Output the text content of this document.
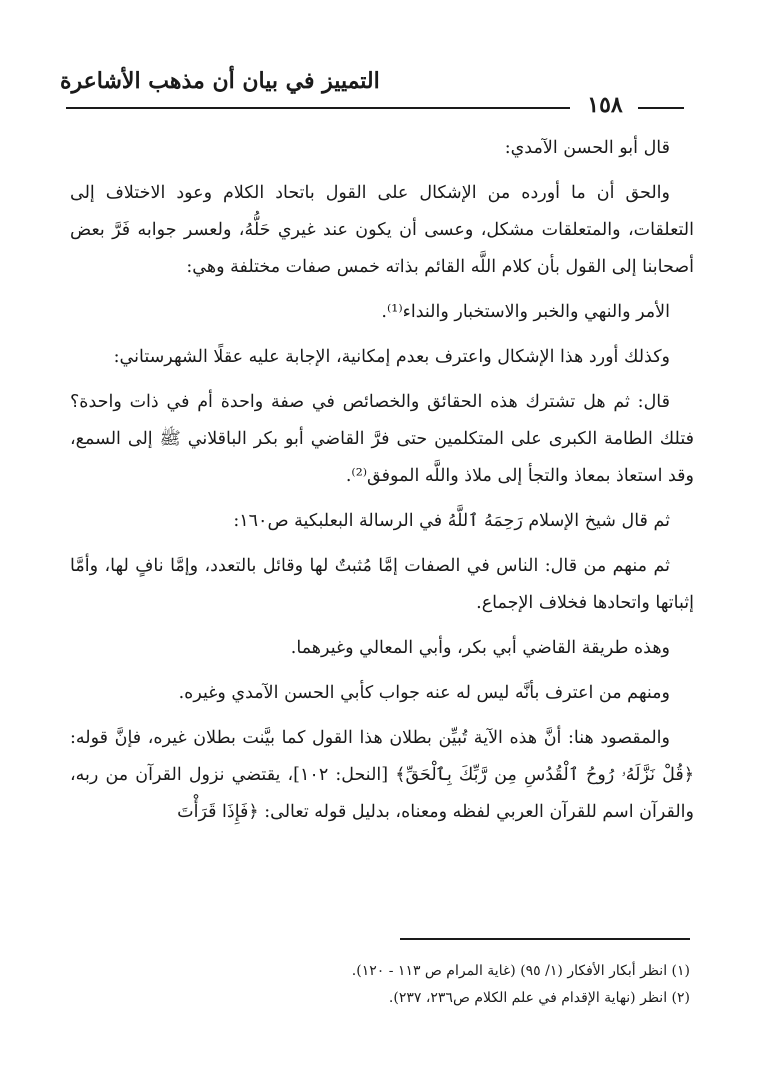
التمييز في بيان أن مذهب الأشاعرة
١٥٨

قال أبو الحسن الآمدي:

والحق أن ما أورده من الإشكال على القول باتحاد الكلام وعود الاختلاف إلى التعلقات، والمتعلقات مشكل، وعسى أن يكون عند غيري حَلُّهُ، ولعسر جوابه فَرَّ بعض أصحابنا إلى القول بأن كلام اللَّه القائم بذاته خمس صفات مختلفة وهي:

الأمر والنهي والخبر والاستخبار والنداء⁽¹⁾.

وكذلك أورد هذا الإشكال واعترف بعدم إمكانية، الإجابة عليه عقلًا الشهرستاني:

قال: ثم هل تشترك هذه الحقائق والخصائص في صفة واحدة أم في ذات واحدة؟ فتلك الطامة الكبرى على المتكلمين حتى فرَّ القاضي أبو بكر الباقلاني ﷺ إلى السمع، وقد استعاذ بمعاذ والتجأ إلى ملاذ واللَّه الموفق⁽²⁾.

ثم قال شيخ الإسلام رَحِمَهُ ٱللَّهُ في الرسالة البعلبكية ص١٦٠:

ثم منهم من قال: الناس في الصفات إمَّا مُثبتٌ لها وقائل بالتعدد، وإمَّا نافٍ لها، وأمَّا إثباتها واتحادها فخلاف الإجماع.

وهذه طريقة القاضي أبي بكر، وأبي المعالي وغيرهما.

ومنهم من اعترف بأنَّه ليس له عنه جواب كأبي الحسن الآمدي وغيره.

والمقصود هنا: أنَّ هذه الآية تُبيِّن بطلان هذا القول كما بيَّنت بطلان غيره، فإنَّ قوله: ﴿قُلْ نَزَّلَهُۥ رُوحُ ٱلْقُدُسِ مِن رَّبِّكَ بِٱلْحَقِّ﴾ [النحل: ١٠٢]، يقتضي نزول القرآن من ربه، والقرآن اسم للقرآن العربي لفظه ومعناه، بدليل قوله تعالى: ﴿فَإِذَا قَرَأْتَ

(١) انظر أبكار الأفكار (١/ ٩٥) (غاية المرام ص ١١٣ - ١٢٠).
(٢) انظر (نهاية الإقدام في علم الكلام ص٢٣٦، ٢٣٧).
